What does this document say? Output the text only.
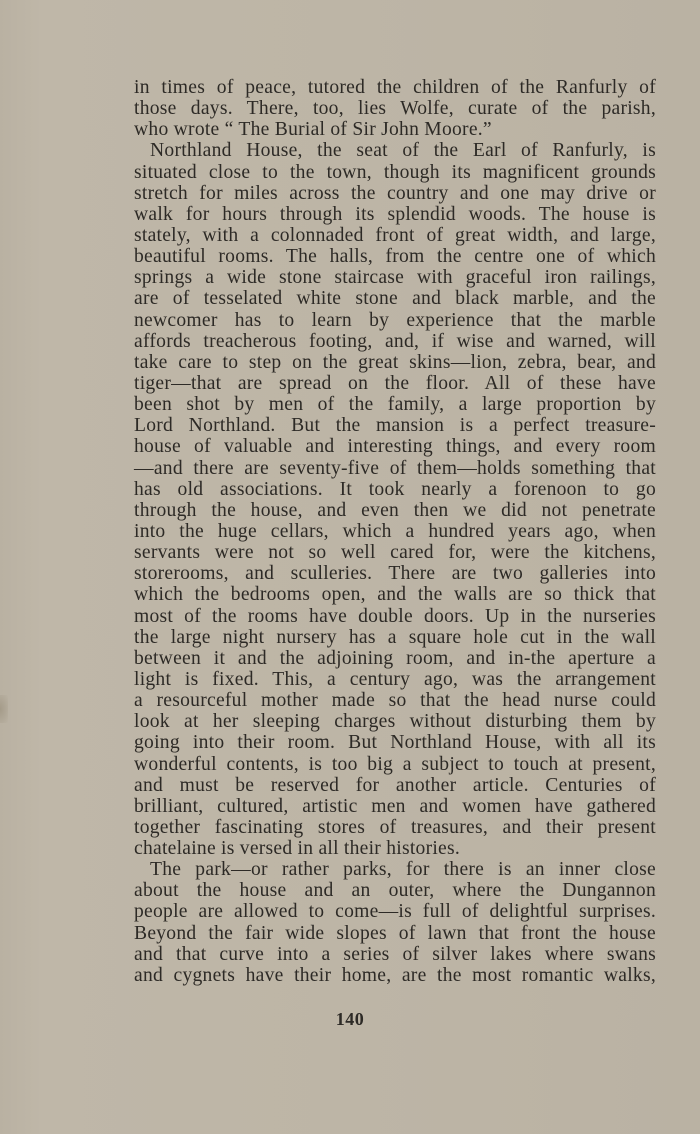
in times of peace, tutored the children of the Ranfurly of
those days. There, too, lies Wolfe, curate of the parish,
who wrote “ The Burial of Sir John Moore.”
Northland House, the seat of the Earl of Ranfurly, is
situated close to the town, though its magnificent grounds
stretch for miles across the country and one may drive or
walk for hours through its splendid woods. The house is
stately, with a colonnaded front of great width, and large,
beautiful rooms. The halls, from the centre one of which
springs a wide stone staircase with graceful iron railings,
are of tesselated white stone and black marble, and the
newcomer has to learn by experience that the marble
affords treacherous footing, and, if wise and warned, will
take care to step on the great skins—lion, zebra, bear, and
tiger—that are spread on the floor. All of these have
been shot by men of the family, a large proportion by
Lord Northland. But the mansion is a perfect treasure-
house of valuable and interesting things, and every room
—and there are seventy-five of them—holds something that
has old associations. It took nearly a forenoon to go
through the house, and even then we did not penetrate
into the huge cellars, which a hundred years ago, when
servants were not so well cared for, were the kitchens,
storerooms, and sculleries. There are two galleries into
which the bedrooms open, and the walls are so thick that
most of the rooms have double doors. Up in the nurseries
the large night nursery has a square hole cut in the wall
between it and the adjoining room, and in-the aperture a
light is fixed. This, a century ago, was the arrangement
a resourceful mother made so that the head nurse could
look at her sleeping charges without disturbing them by
going into their room. But Northland House, with all its
wonderful contents, is too big a subject to touch at present,
and must be reserved for another article. Centuries of
brilliant, cultured, artistic men and women have gathered
together fascinating stores of treasures, and their present
chatelaine is versed in all their histories.
The park—or rather parks, for there is an inner close
about the house and an outer, where the Dungannon
people are allowed to come—is full of delightful surprises.
Beyond the fair wide slopes of lawn that front the house
and that curve into a series of silver lakes where swans
and cygnets have their home, are the most romantic walks,
140
